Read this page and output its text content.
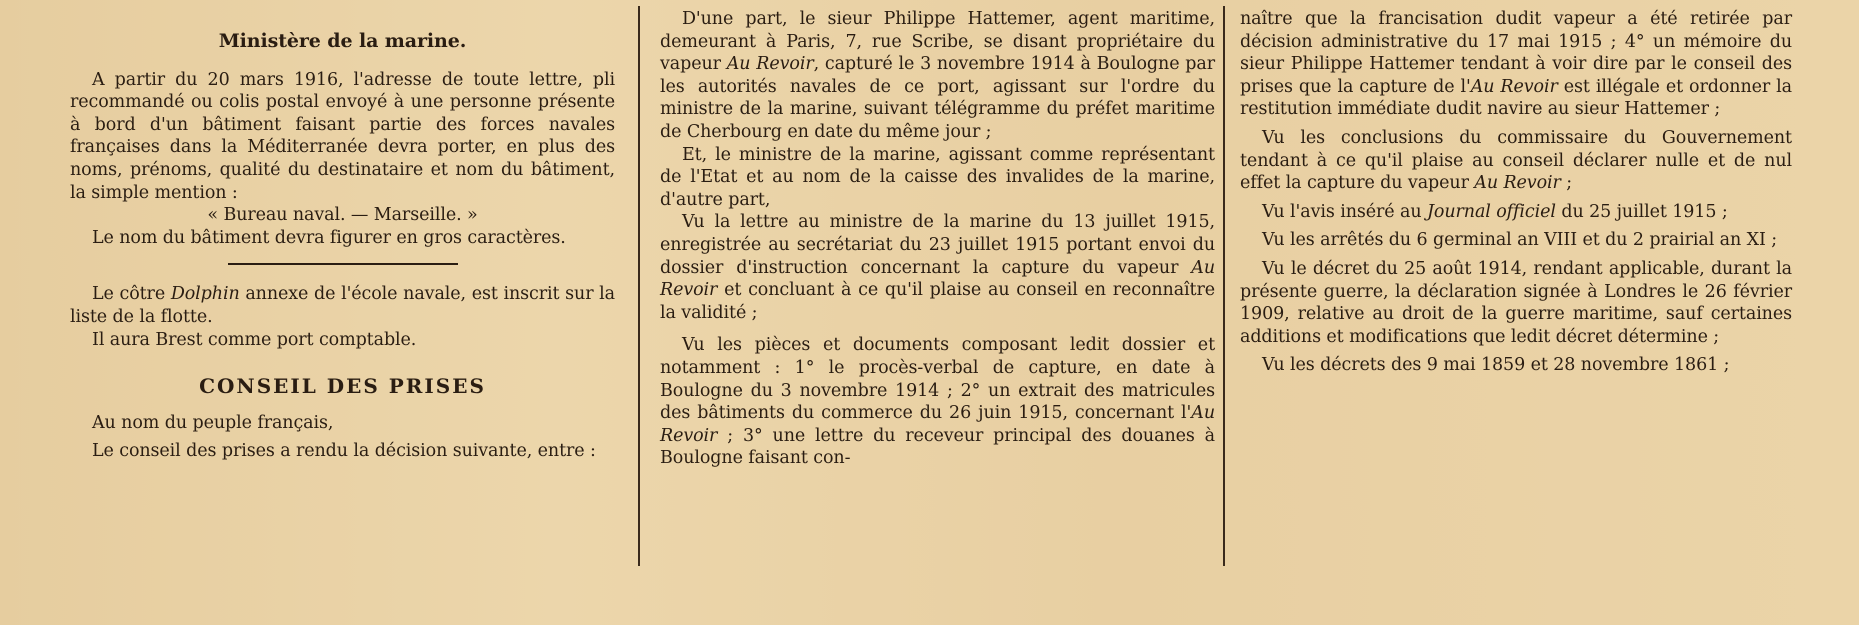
Ministère de la marine.

A partir du 20 mars 1916, l'adresse de toute lettre, pli recommandé ou colis postal envoyé à une personne présente à bord d'un bâtiment faisant partie des forces navales françaises dans la Méditerranée devra porter, en plus des noms, prénoms, qualité du destinataire et nom du bâtiment, la simple mention :

« Bureau naval. — Marseille. »

Le nom du bâtiment devra figurer en gros caractères.

Le côtre Dolphin annexe de l'école navale, est inscrit sur la liste de la flotte.

Il aura Brest comme port comptable.

CONSEIL DES PRISES

Au nom du peuple français,

Le conseil des prises a rendu la décision suivante, entre :

D'une part, le sieur Philippe Hattemer, agent maritime, demeurant à Paris, 7, rue Scribe, se disant propriétaire du vapeur Au Revoir, capturé le 3 novembre 1914 à Boulogne par les autorités navales de ce port, agissant sur l'ordre du ministre de la marine, suivant télégramme du préfet maritime de Cherbourg en date du même jour ;

Et, le ministre de la marine, agissant comme représentant de l'Etat et au nom de la caisse des invalides de la marine, d'autre part,

Vu la lettre au ministre de la marine du 13 juillet 1915, enregistrée au secrétariat du 23 juillet 1915 portant envoi du dossier d'instruction concernant la capture du vapeur Au Revoir et concluant à ce qu'il plaise au conseil en reconnaître la validité ;

Vu les pièces et documents composant ledit dossier et notamment : 1° le procès-verbal de capture, en date à Boulogne du 3 novembre 1914 ; 2° un extrait des matricules des bâtiments du commerce du 26 juin 1915, concernant l'Au Revoir ; 3° une lettre du receveur principal des douanes à Boulogne faisant con-

naître que la francisation dudit vapeur a été retirée par décision administrative du 17 mai 1915 ; 4° un mémoire du sieur Philippe Hattemer tendant à voir dire par le conseil des prises que la capture de l'Au Revoir est illégale et ordonner la restitution immédiate dudit navire au sieur Hattemer ;

Vu les conclusions du commissaire du Gouvernement tendant à ce qu'il plaise au conseil déclarer nulle et de nul effet la capture du vapeur Au Revoir ;

Vu l'avis inséré au Journal officiel du 25 juillet 1915 ;

Vu les arrêtés du 6 germinal an VIII et du 2 prairial an XI ;

Vu le décret du 25 août 1914, rendant applicable, durant la présente guerre, la déclaration signée à Londres le 26 février 1909, relative au droit de la guerre maritime, sauf certaines additions et modifications que ledit décret détermine ;

Vu les décrets des 9 mai 1859 et 28 novembre 1861 ;
